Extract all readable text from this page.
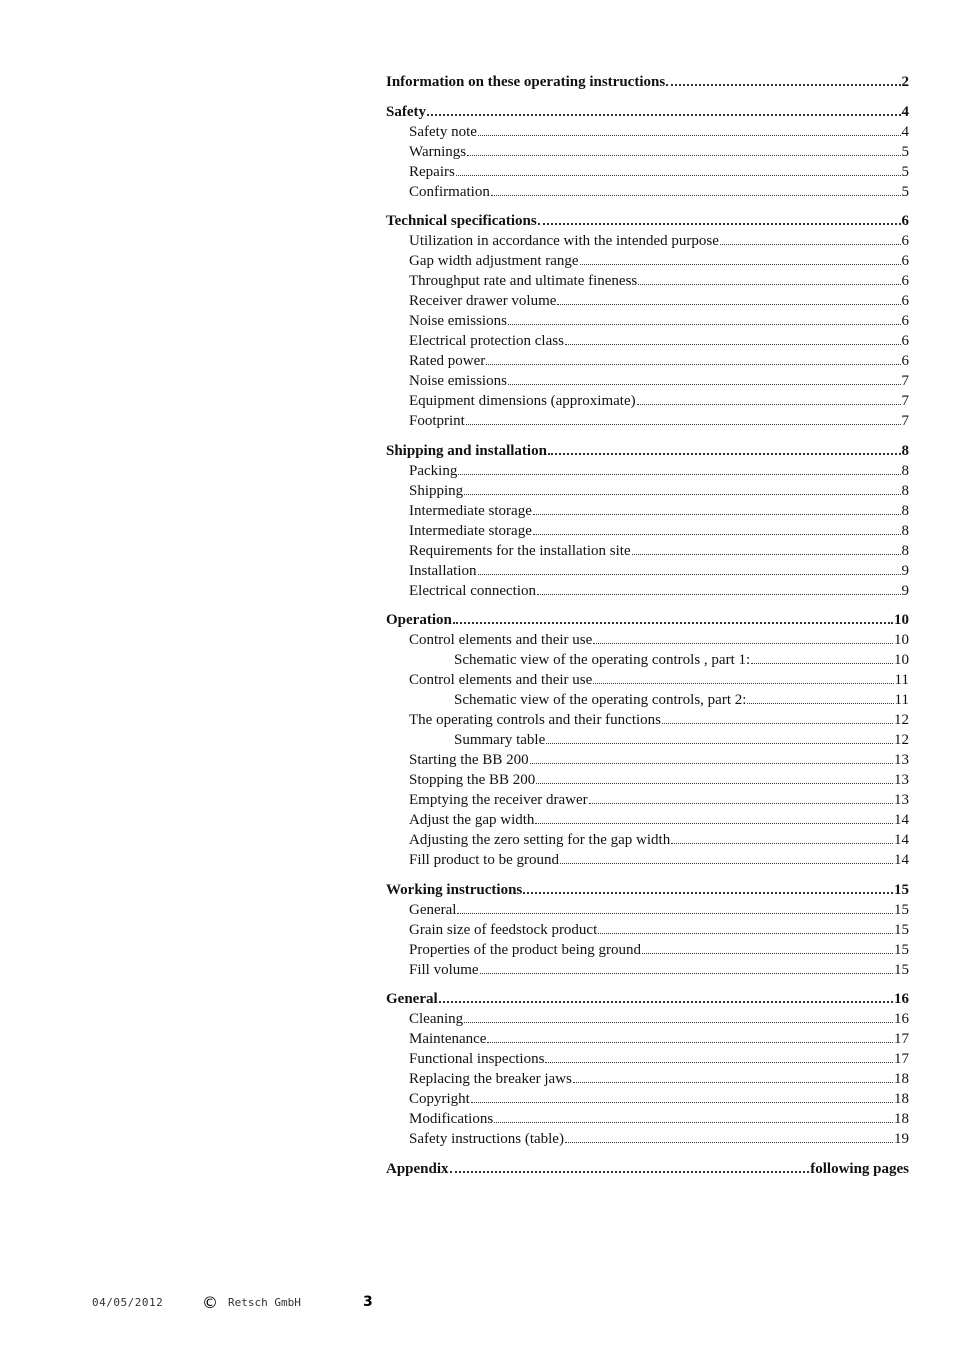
Information on these operating instructions	2
Safety	4
Safety note	4
Warnings	5
Repairs	5
Confirmation	5
Technical specifications	6
Utilization in accordance with the intended purpose	6
Gap width adjustment range	6
Throughput rate and ultimate fineness	6
Receiver drawer volume	6
Noise emissions	6
Electrical protection class	6
Rated power	6
Noise emissions	7
Equipment dimensions (approximate)	7
Footprint	7
Shipping and installation	8
Packing	8
Shipping	8
Intermediate storage	8
Intermediate storage	8
Requirements for the installation site	8
Installation	9
Electrical connection	9
Operation	10
Control elements and their use	10
Schematic view of the operating controls , part 1:	10
Control elements and their use	11
Schematic view of the operating controls, part 2:	11
The operating controls and their functions	12
Summary table	12
Starting the BB 200	13
Stopping the BB 200	13
Emptying the receiver drawer	13
Adjust the gap width	14
Adjusting the zero setting for the gap width	14
Fill product to be ground	14
Working instructions	15
General	15
Grain size of feedstock product	15
Properties of the product being ground	15
Fill volume	15
General	16
Cleaning	16
Maintenance	17
Functional inspections	17
Replacing the breaker jaws	18
Copyright	18
Modifications	18
Safety instructions (table)	19
Appendix	following pages
04/05/2012	© Retsch GmbH	3
